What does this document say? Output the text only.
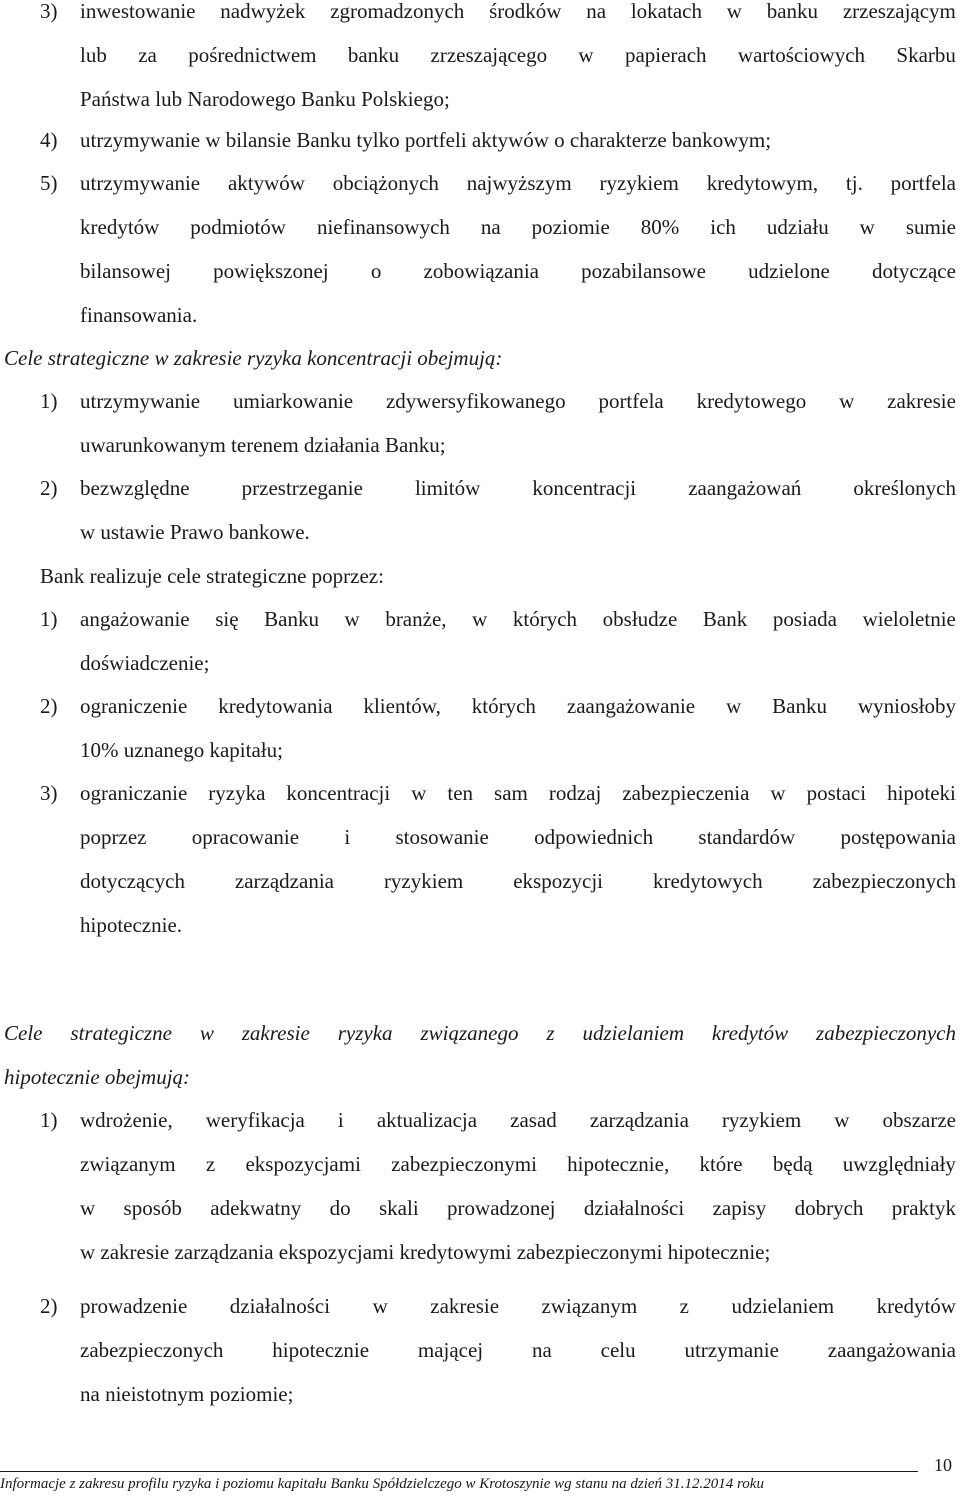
10
Informacje z zakresu profilu ryzyka i poziomu kapitału Banku Spółdzielczego w Krotoszynie wg stanu na dzień 31.12.2014 roku
inwestowanie nadwyżek zgromadzonych środków na lokatach w banku zrzeszającym
3)
lub za pośrednictwem banku zrzeszającego w papierach wartościowych Skarbu
Państwa lub Narodowego Banku Polskiego;
utrzymywanie w bilansie Banku tylko portfeli aktywów o charakterze bankowym;
4)
utrzymywanie aktywów obciążonych najwyższym ryzykiem kredytowym, tj. portfela
5)
kredytów podmiotów niefinansowych na poziomie 80% ich udziału w sumie
bilansowej powiększonej o zobowiązania pozabilansowe udzielone dotyczące
finansowania.
Cele strategiczne w zakresie ryzyka koncentracji obejmują:
utrzymywanie umiarkowanie zdywersyfikowanego portfela kredytowego w zakresie
1)
uwarunkowanym terenem działania Banku;
bezwzględne przestrzeganie limitów koncentracji zaangażowań określonych
2)
w ustawie Prawo bankowe.
Bank realizuje cele strategiczne poprzez:
angażowanie się Banku w branże, w których obsłudze Bank posiada wieloletnie
1)
doświadczenie;
ograniczenie kredytowania klientów, których zaangażowanie w Banku wyniosłoby
2)
10% uznanego kapitału;
ograniczanie ryzyka koncentracji w ten sam rodzaj zabezpieczenia w postaci hipoteki
3)
poprzez opracowanie i stosowanie odpowiednich standardów postępowania
dotyczących zarządzania ryzykiem ekspozycji kredytowych zabezpieczonych
hipotecznie.
Cele strategiczne w zakresie ryzyka związanego z udzielaniem kredytów zabezpieczonych
hipotecznie obejmują:
wdrożenie, weryfikacja i aktualizacja zasad zarządzania ryzykiem w obszarze
1)
związanym z ekspozycjami zabezpieczonymi hipotecznie, które będą uwzględniały
w sposób adekwatny do skali prowadzonej działalności zapisy dobrych praktyk
w zakresie zarządzania ekspozycjami kredytowymi zabezpieczonymi hipotecznie;
prowadzenie działalności w zakresie związanym z udzielaniem kredytów
2)
zabezpieczonych hipotecznie mającej na celu utrzymanie zaangażowania
na nieistotnym poziomie;
